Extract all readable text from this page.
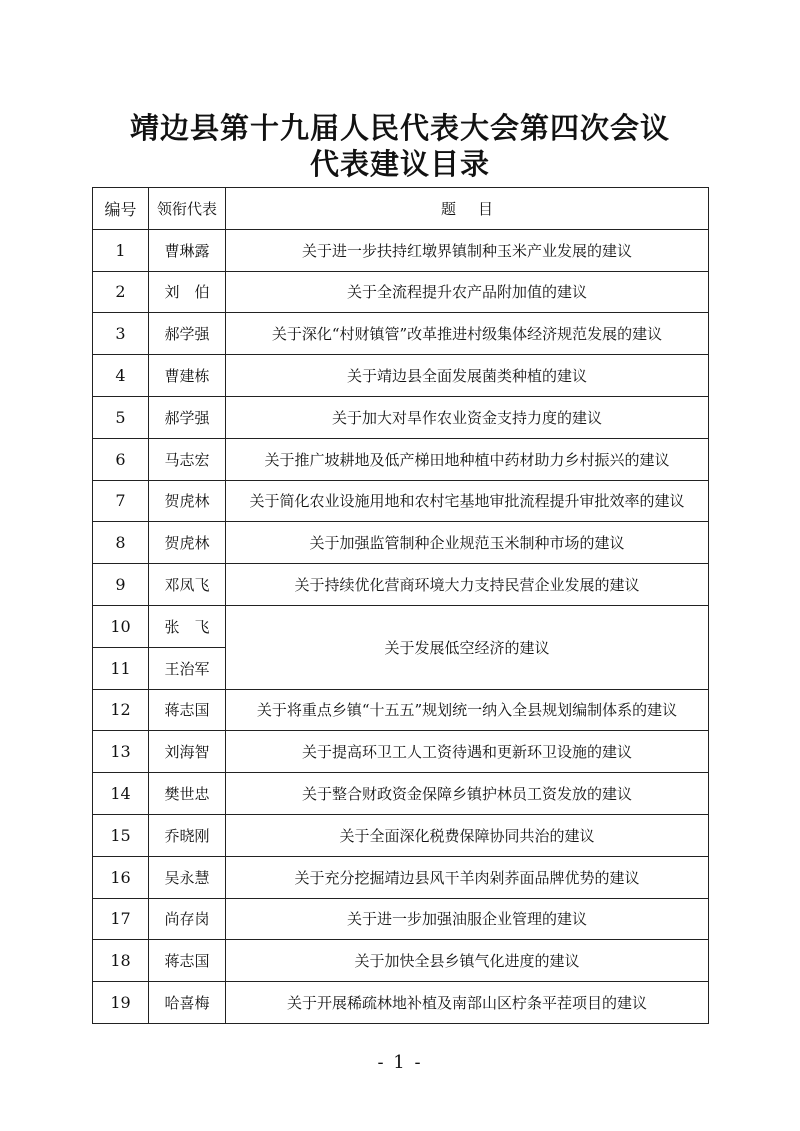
靖边县第十九届人民代表大会第四次会议
代表建议目录
编号	领衔代表	题目
1	曹琳露	关于进一步扶持红墩界镇制种玉米产业发展的建议
2	刘　伯	关于全流程提升农产品附加值的建议
3	郝学强	关于深化“村财镇管”改革推进村级集体经济规范发展的建议
4	曹建栋	关于靖边县全面发展菌类种植的建议
5	郝学强	关于加大对旱作农业资金支持力度的建议
6	马志宏	关于推广坡耕地及低产梯田地种植中药材助力乡村振兴的建议
7	贺虎林	关于简化农业设施用地和农村宅基地审批流程提升审批效率的建议
8	贺虎林	关于加强监管制种企业规范玉米制种市场的建议
9	邓凤飞	关于持续优化营商环境大力支持民营企业发展的建议
10	张　飞	关于发展低空经济的建议
11	王治军	
12	蒋志国	关于将重点乡镇“十五五”规划统一纳入全县规划编制体系的建议
13	刘海智	关于提高环卫工人工资待遇和更新环卫设施的建议
14	樊世忠	关于整合财政资金保障乡镇护林员工资发放的建议
15	乔晓刚	关于全面深化税费保障协同共治的建议
16	吴永慧	关于充分挖掘靖边县风干羊肉剁荞面品牌优势的建议
17	尚存岗	关于进一步加强油服企业管理的建议
18	蒋志国	关于加快全县乡镇气化进度的建议
19	哈喜梅	关于开展稀疏林地补植及南部山区柠条平茬项目的建议
- 1 -
